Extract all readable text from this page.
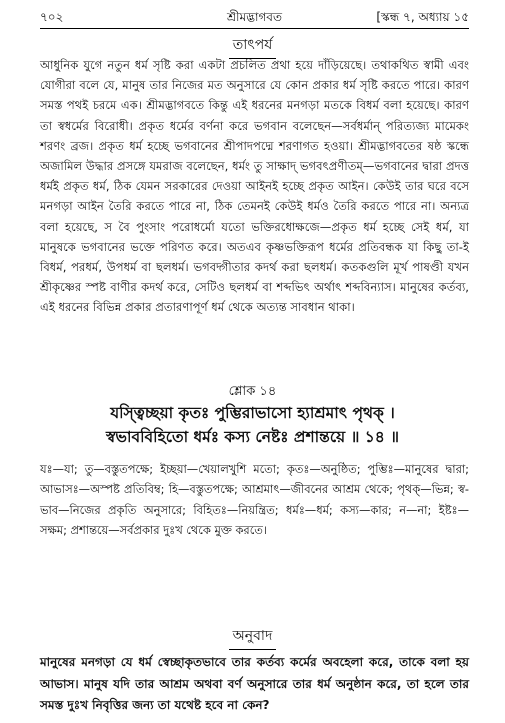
৭০২	শ্রীমদ্ভাগবত	[স্কন্ধ ৭, অধ্যায় ১৫
তাৎপর্য

আধুনিক যুগে নতুন ধর্ম সৃষ্টি করা একটা প্রচলিত প্রথা হয়ে দাঁড়িয়েছে। তথাকথিত স্বামী এবং যোগীরা বলে যে, মানুষ তার নিজের মত অনুসারে যে কোন প্রকার ধর্ম সৃষ্টি করতে পারে। কারণ সমস্ত পথই চরমে এক। শ্রীমদ্ভাগবতে কিন্তু এই ধরনের মনগড়া মতকে বিধর্ম বলা হয়েছে। কারণ তা স্বধর্মের বিরোধী। প্রকৃত ধর্মের বর্ণনা করে ভগবান বলেছেন—সর্বধর্মান্ পরিত্যজ্য মামেকং শরণং ব্রজ। প্রকৃত ধর্ম হচ্ছে ভগবানের শ্রীপাদপদ্মে শরণাগত হওয়া। শ্রীমদ্ভাগবতের ষষ্ঠ স্কন্ধে অজামিল উদ্ধার প্রসঙ্গে যমরাজ বলেছেন, ধর্মং তু সাক্ষাদ্ ভগবৎপ্রণীতম্—ভগবানের দ্বারা প্রদত্ত ধর্মই প্রকৃত ধর্ম, ঠিক যেমন সরকারের দেওয়া আইনই হচ্ছে প্রকৃত আইন। কেউই তার ঘরে বসে মনগড়া আইন তৈরি করতে পারে না, ঠিক তেমনই কেউই ধর্মও তৈরি করতে পারে না। অন্যত্র বলা হয়েছে, স বৈ পুংসাং পরোধর্মো যতো ভক্তিরধোক্ষজে—প্রকৃত ধর্ম হচ্ছে সেই ধর্ম, যা মানুষকে ভগবানের ভক্তে পরিণত করে। অতএব কৃষ্ণভক্তিরূপ ধর্মের প্রতিবন্ধক যা কিছু তা-ই বিধর্ম, পরধর্ম, উপধর্ম বা ছলধর্ম। ভগবদ্গীতার কদর্থ করা ছলধর্ম। কতকগুলি মূর্খ পাষণ্ডী যখন শ্রীকৃষ্ণের স্পষ্ট বাণীর কদর্থ করে, সেটিও ছলধর্ম বা শব্দভিৎ অর্থাৎ শব্দবিন্যাস। মানুষের কর্তব্য, এই ধরনের বিভিন্ন প্রকার প্রতারণাপূর্ণ ধর্ম থেকে অত্যন্ত সাবধান থাকা।

শ্লোক ১৪
যস্ত্বিচ্ছয়া কৃতঃ পুম্ভিরাভাসো হ্যাশ্রমাৎ পৃথক্ ।
স্বভাববিহিতো ধর্মঃ কস্য নেষ্টঃ প্রশান্তয়ে ॥ ১৪ ॥

যঃ—যা; তু—বস্তুতপক্ষে; ইচ্ছয়া—খেয়ালখুশি মতো; কৃতঃ—অনুষ্ঠিত; পুম্ভিঃ—মানুষের দ্বারা; আভাসঃ—অস্পষ্ট প্রতিবিম্ব; হি—বস্তুতপক্ষে; আশ্রমাৎ—জীবনের আশ্রম থেকে; পৃথক্—ভিন্ন; স্ব-ভাব—নিজের প্রকৃতি অনুসারে; বিহিতঃ—নিয়ন্ত্রিত; ধর্মঃ—ধর্ম; কস্য—কার; ন—না; ইষ্টঃ—সক্ষম; প্রশান্তয়ে—সর্বপ্রকার দুঃখ থেকে মুক্ত করতে।

অনুবাদ

মানুষের মনগড়া যে ধর্ম স্বেচ্ছাকৃতভাবে তার কর্তব্য কর্মের অবহেলা করে, তাকে বলা হয় আভাস। মানুষ যদি তার আশ্রম অথবা বর্ণ অনুসারে তার ধর্ম অনুষ্ঠান করে, তা হলে তার সমস্ত দুঃখ নিবৃত্তির জন্য তা যথেষ্ট হবে না কেন?
